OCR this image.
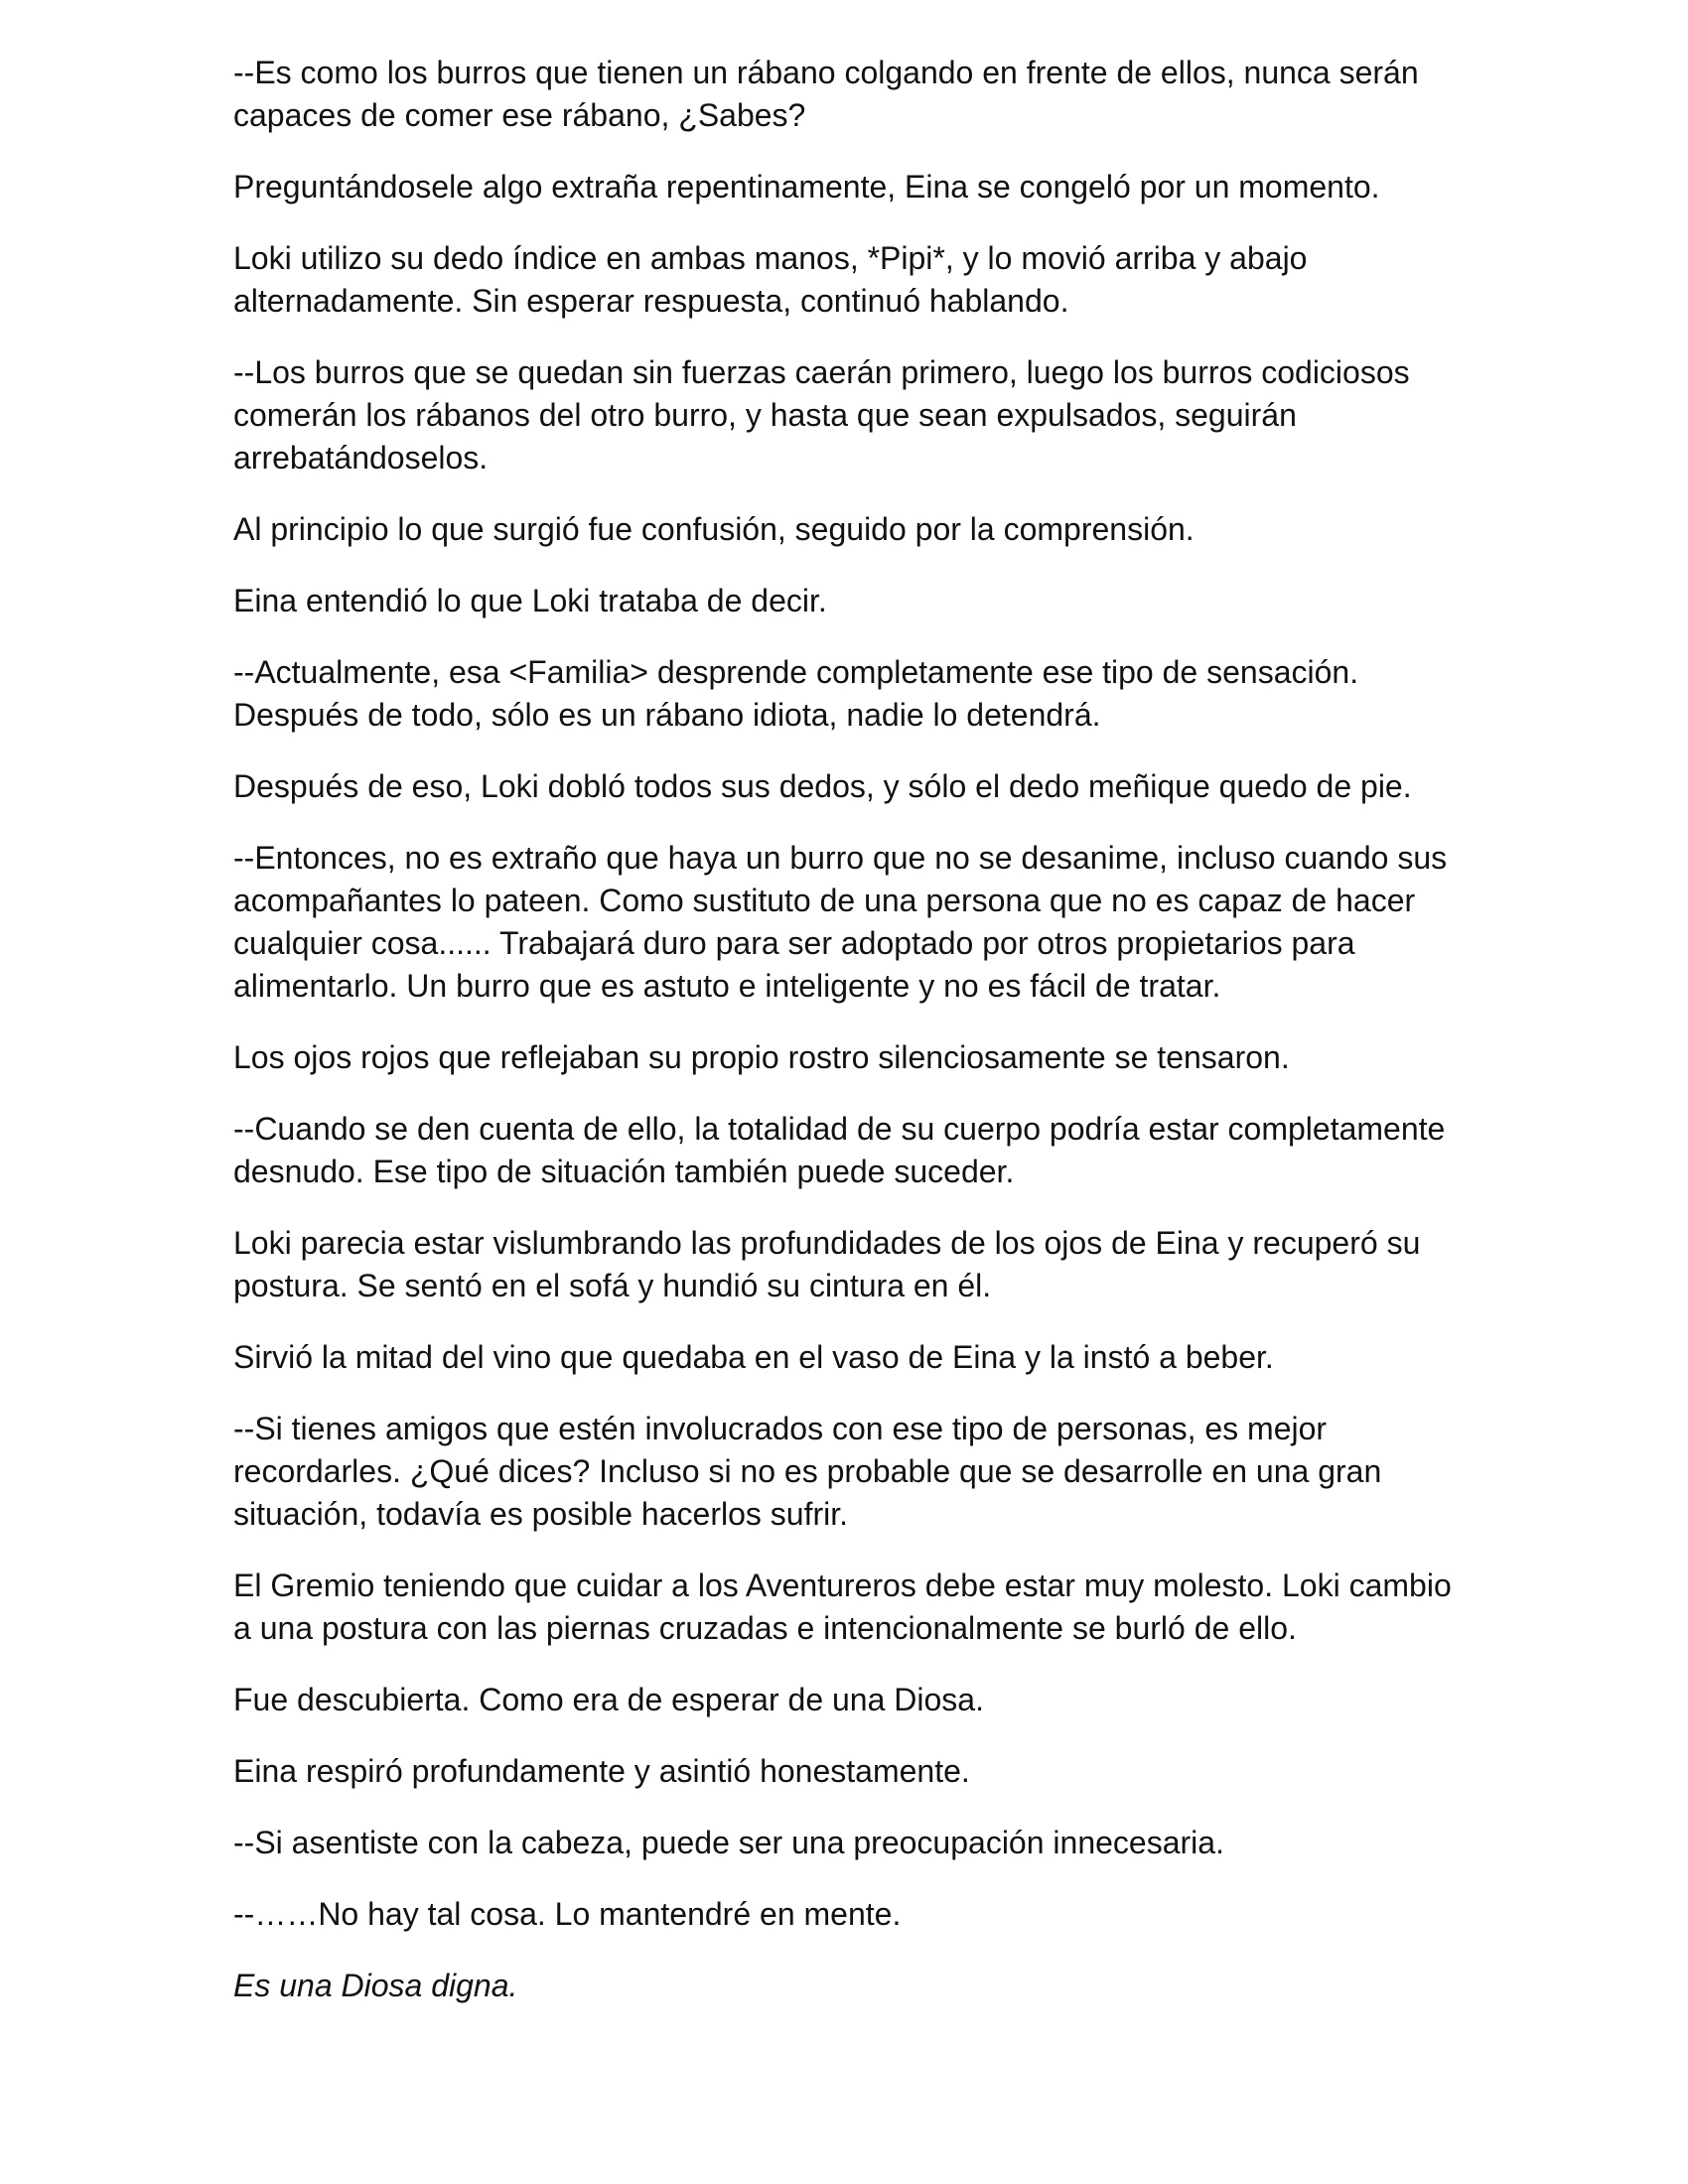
--Es como los burros que tienen un rábano colgando en frente de ellos, nunca serán capaces de comer ese rábano, ¿Sabes?

Preguntándosele algo extraña repentinamente, Eina se congeló por un momento.

Loki utilizo su dedo índice en ambas manos, *Pipi*, y lo movió arriba y abajo alternadamente. Sin esperar respuesta, continuó hablando.

--Los burros que se quedan sin fuerzas caerán primero, luego los burros codiciosos comerán los rábanos del otro burro, y hasta que sean expulsados, seguirán arrebatándoselos.

Al principio lo que surgió fue confusión, seguido por la comprensión.

Eina entendió lo que Loki trataba de decir.

--Actualmente, esa <Familia> desprende completamente ese tipo de sensación. Después de todo, sólo es un rábano idiota, nadie lo detendrá.

Después de eso, Loki dobló todos sus dedos, y sólo el dedo meñique quedo de pie.

--Entonces, no es extraño que haya un burro que no se desanime, incluso cuando sus acompañantes lo pateen. Como sustituto de una persona que no es capaz de hacer cualquier cosa...... Trabajará duro para ser adoptado por otros propietarios para alimentarlo. Un burro que es astuto e inteligente y no es fácil de tratar.

Los ojos rojos que reflejaban su propio rostro silenciosamente se tensaron.

--Cuando se den cuenta de ello, la totalidad de su cuerpo podría estar completamente desnudo. Ese tipo de situación también puede suceder.

Loki parecia estar vislumbrando las profundidades de los ojos de Eina y recuperó su postura. Se sentó en el sofá y hundió su cintura en él.

Sirvió la mitad del vino que quedaba en el vaso de Eina y la instó a beber.

--Si tienes amigos que estén involucrados con ese tipo de personas, es mejor recordarles. ¿Qué dices? Incluso si no es probable que se desarrolle en una gran situación, todavía es posible hacerlos sufrir.

El Gremio teniendo que cuidar a los Aventureros debe estar muy molesto. Loki cambio a una postura con las piernas cruzadas e intencionalmente se burló de ello.

Fue descubierta. Como era de esperar de una Diosa.

Eina respiró profundamente y asintió honestamente.

--Si asentiste con la cabeza, puede ser una preocupación innecesaria.

--……No hay tal cosa. Lo mantendré en mente.

Es una Diosa digna.
